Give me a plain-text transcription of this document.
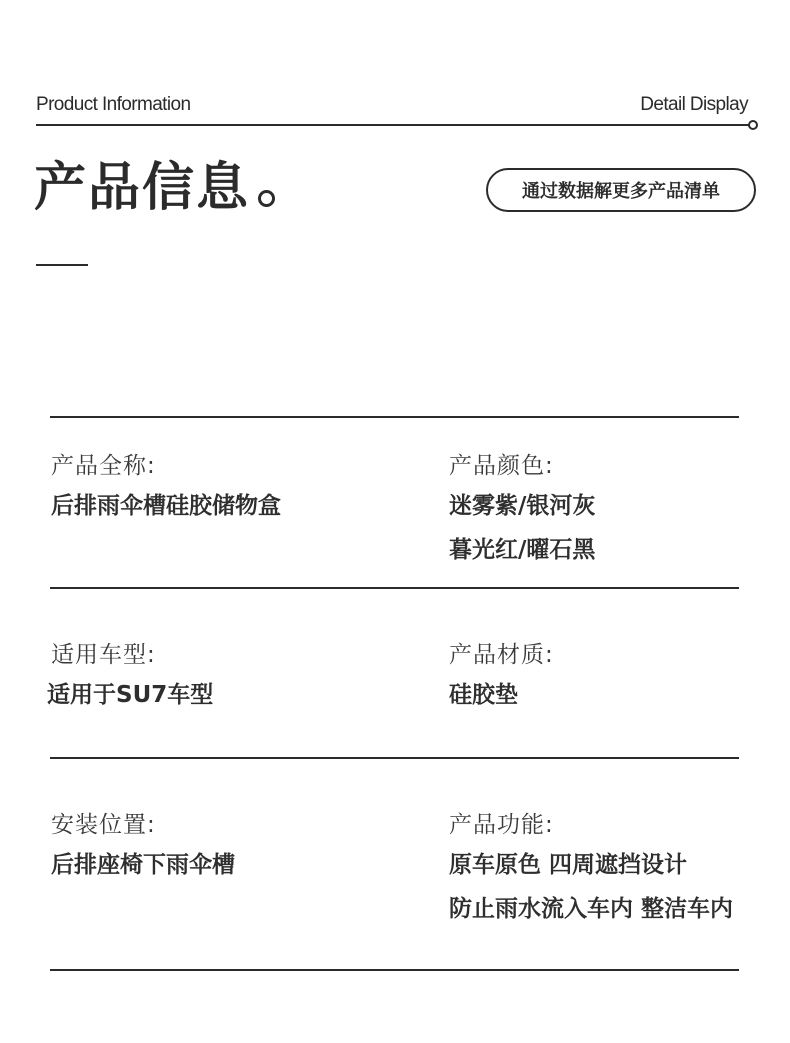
Product Information	Detail Display
产品信息	通过数据解更多产品清单
产品全称:
后排雨伞槽硅胶储物盒
产品颜色:
迷雾紫/银河灰
暮光红/曜石黑
适用车型:
适用于SU7车型
产品材质:
硅胶垫
安装位置:
后排座椅下雨伞槽
产品功能:
原车原色 四周遮挡设计
防止雨水流入车内 整洁车内
